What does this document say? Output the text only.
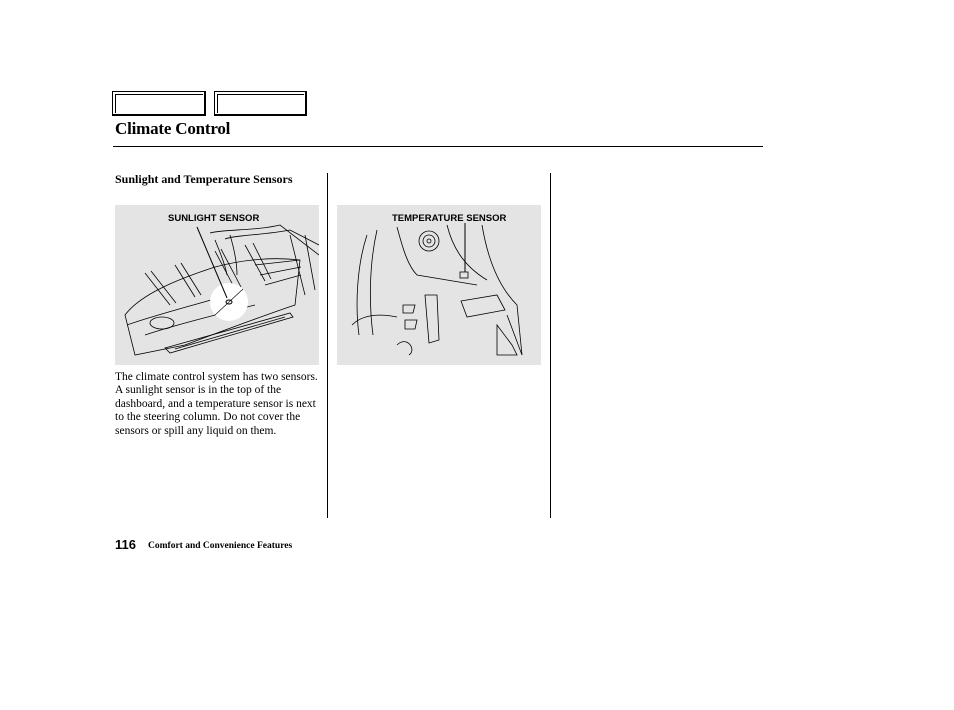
Climate Control
Sunlight and Temperature Sensors
SUNLIGHT SENSOR	TEMPERATURE SENSOR
The climate control system has two sensors. A sunlight sensor is in the top of the dashboard, and a temperature sensor is next to the steering column. Do not cover the sensors or spill any liquid on them.
116 Comfort and Convenience Features
